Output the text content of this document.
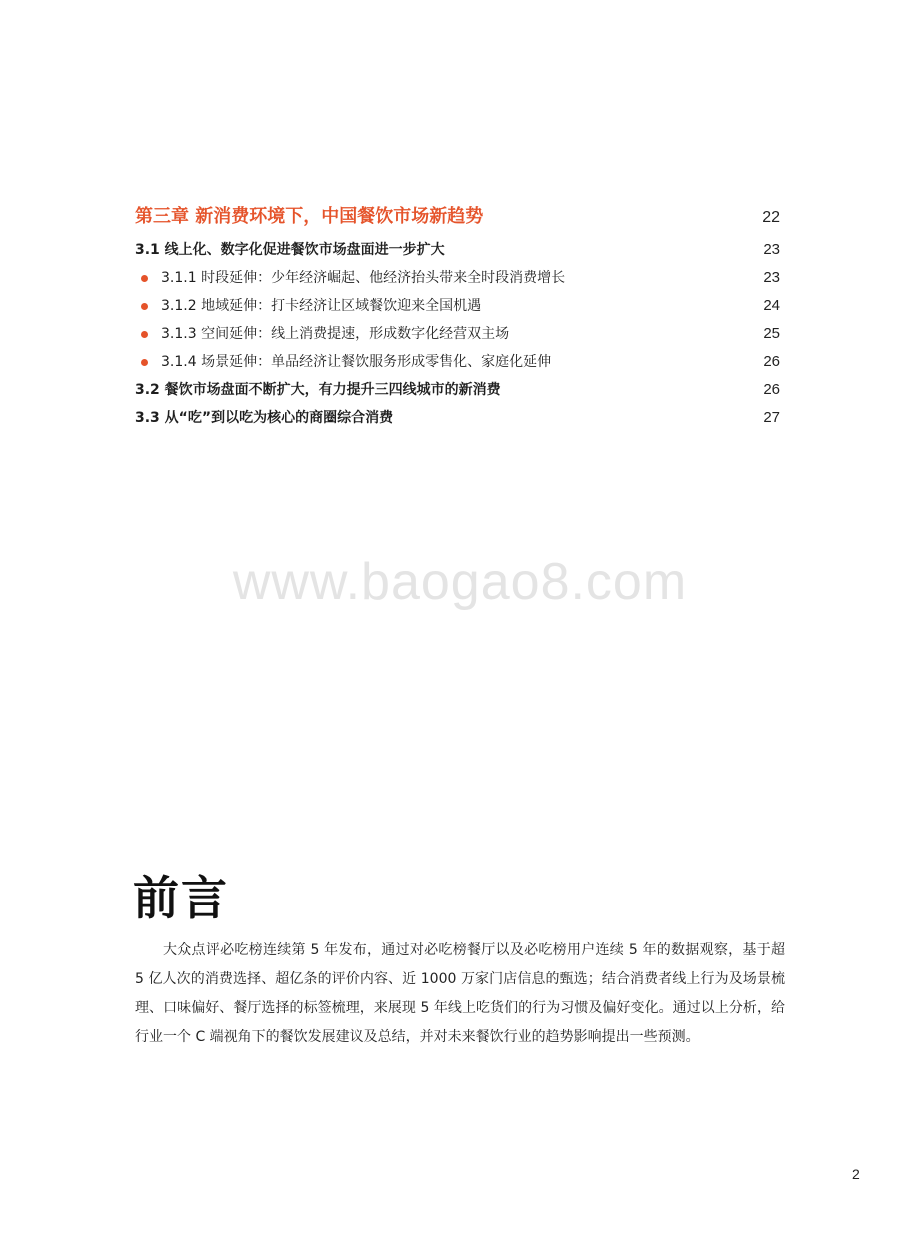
第三章 新消费环境下，中国餐饮市场新趋势	22
3.1 线上化、数字化促进餐饮市场盘面进一步扩大	23
3.1.1 时段延伸：少年经济崛起、他经济抬头带来全时段消费增长	23
3.1.2 地域延伸：打卡经济让区域餐饮迎来全国机遇	24
3.1.3 空间延伸：线上消费提速，形成数字化经营双主场	25
3.1.4 场景延伸：单品经济让餐饮服务形成零售化、家庭化延伸	26
3.2 餐饮市场盘面不断扩大，有力提升三四线城市的新消费	26
3.3 从“吃”到以吃为核心的商圈综合消费	27
www.baogao8.com
前言

大众点评必吃榜连续第 5 年发布，通过对必吃榜餐厅以及必吃榜用户连续 5 年的数据观察，基于超 5 亿人次的消费选择、超亿条的评价内容、近 1000 万家门店信息的甄选；结合消费者线上行为及场景梳理、口味偏好、餐厅选择的标签梳理，来展现 5 年线上吃货们的行为习惯及偏好变化。通过以上分析，给行业一个 C 端视角下的餐饮发展建议及总结，并对未来餐饮行业的趋势影响提出一些预测。

2
